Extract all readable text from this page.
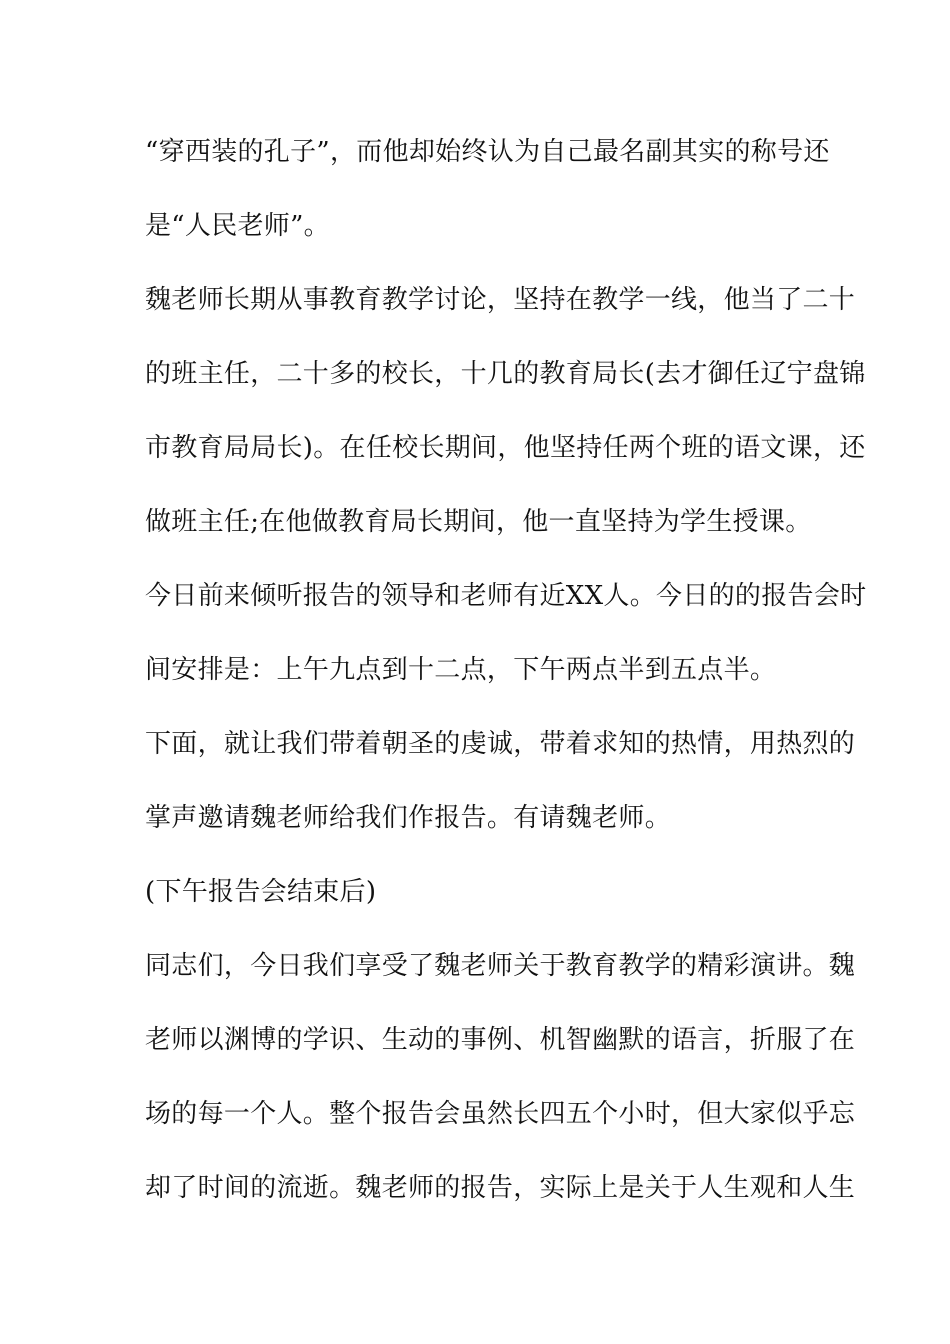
“穿西装的孔子”，而他却始终认为自己最名副其实的称号还

是“人民老师”。

魏老师长期从事教育教学讨论，坚持在教学一线，他当了二十

的班主任，二十多的校长，十几的教育局长(去才御任辽宁盘锦

市教育局局长)。在任校长期间，他坚持任两个班的语文课，还

做班主任;在他做教育局长期间，他一直坚持为学生授课。

今日前来倾听报告的领导和老师有近XX人。今日的的报告会时

间安排是：上午九点到十二点，下午两点半到五点半。

下面，就让我们带着朝圣的虔诚，带着求知的热情，用热烈的

掌声邀请魏老师给我们作报告。有请魏老师。

(下午报告会结束后)

同志们，今日我们享受了魏老师关于教育教学的精彩演讲。魏

老师以渊博的学识、生动的事例、机智幽默的语言，折服了在

场的每一个人。整个报告会虽然长四五个小时，但大家似乎忘

却了时间的流逝。魏老师的报告，实际上是关于人生观和人生
